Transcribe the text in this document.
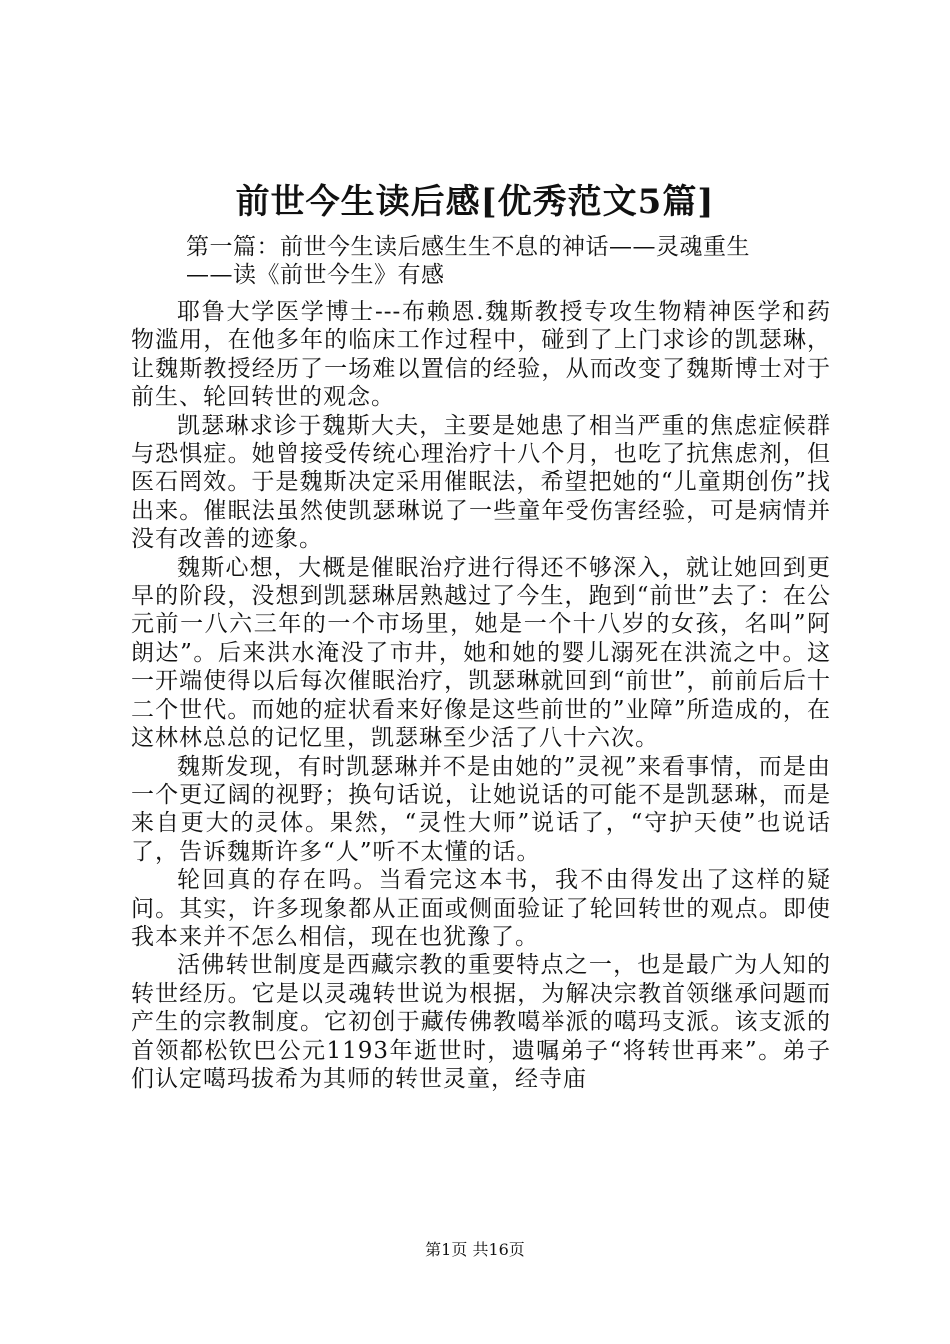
前世今生读后感[优秀范文5篇]
第一篇：前世今生读后感生生不息的神话——灵魂重生
——读《前世今生》有感

耶鲁大学医学博士---布赖恩.魏斯教授专攻生物精神医学和药物滥用，在他多年的临床工作过程中，碰到了上门求诊的凯瑟琳，让魏斯教授经历了一场难以置信的经验，从而改变了魏斯博士对于前生、轮回转世的观念。

凯瑟琳求诊于魏斯大夫，主要是她患了相当严重的焦虑症候群与恐惧症。她曾接受传统心理治疗十八个月，也吃了抗焦虑剂，但医石罔效。于是魏斯决定采用催眠法，希望把她的“儿童期创伤”找出来。催眠法虽然使凯瑟琳说了一些童年受伤害经验，可是病情并没有改善的迹象。

魏斯心想，大概是催眠治疗进行得还不够深入，就让她回到更早的阶段，没想到凯瑟琳居熟越过了今生，跑到“前世”去了：在公元前一八六三年的一个市场里，她是一个十八岁的女孩，名叫”阿朗达”。后来洪水淹没了市井，她和她的婴儿溺死在洪流之中。这一开端使得以后每次催眠治疗，凯瑟琳就回到“前世”，前前后后十二个世代。而她的症状看来好像是这些前世的”业障”所造成的，在这林林总总的记忆里，凯瑟琳至少活了八十六次。

魏斯发现，有时凯瑟琳并不是由她的”灵视”来看事情，而是由一个更辽阔的视野；换句话说，让她说话的可能不是凯瑟琳，而是来自更大的灵体。果然，“灵性大师”说话了，“守护天使”也说话了，告诉魏斯许多“人”听不太懂的话。

轮回真的存在吗。当看完这本书，我不由得发出了这样的疑问。其实，许多现象都从正面或侧面验证了轮回转世的观点。即使我本来并不怎么相信，现在也犹豫了。

活佛转世制度是西藏宗教的重要特点之一，也是最广为人知的转世经历。它是以灵魂转世说为根据，为解决宗教首领继承问题而产生的宗教制度。它初创于藏传佛教噶举派的噶玛支派。该支派的首领都松钦巴公元1193年逝世时，遗嘱弟子“将转世再来”。弟子们认定噶玛拔希为其师的转世灵童，经寺庙

第1页 共16页
